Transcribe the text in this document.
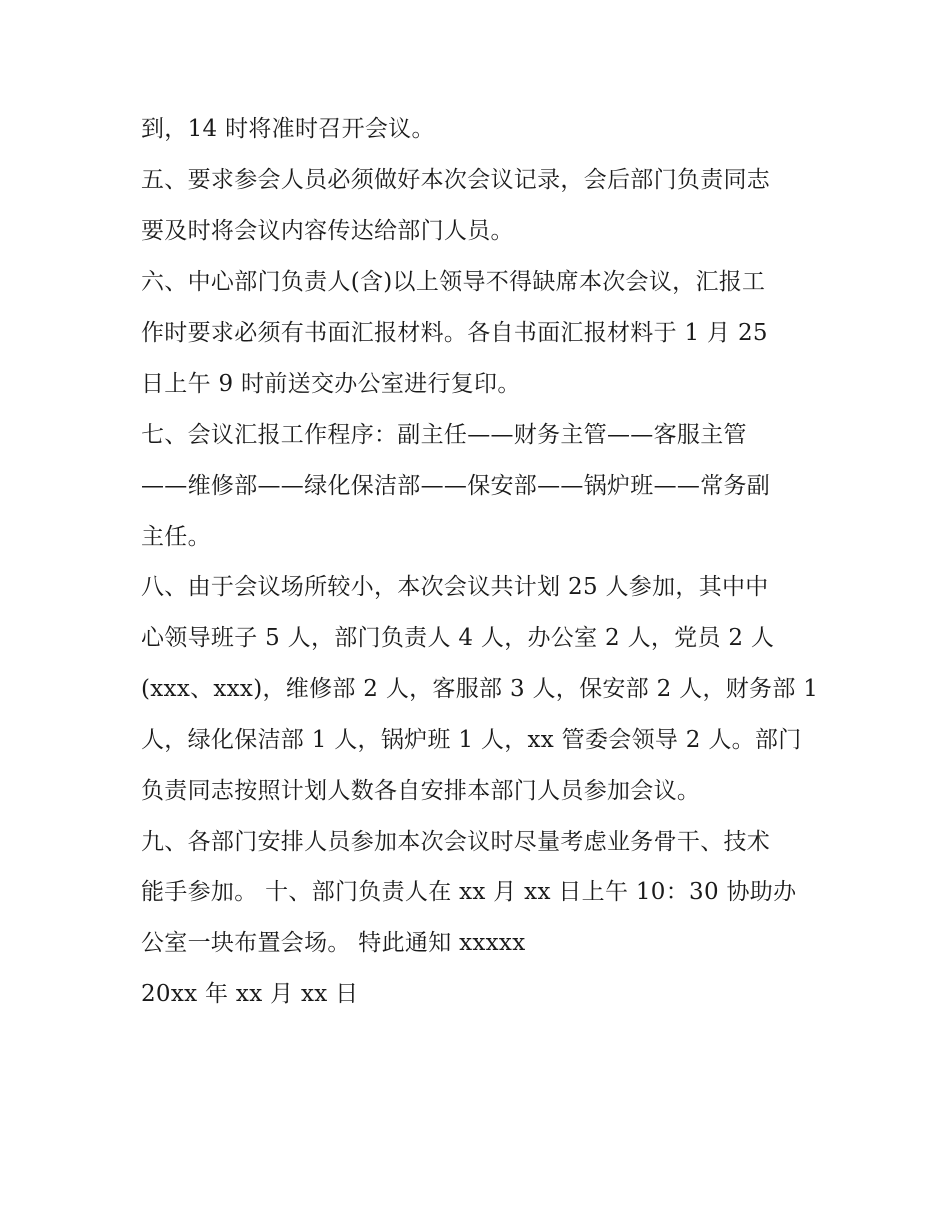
到，14 时将准时召开会议。
五、要求参会人员必须做好本次会议记录，会后部门负责同志
要及时将会议内容传达给部门人员。
六、中心部门负责人(含)以上领导不得缺席本次会议，汇报工
作时要求必须有书面汇报材料。各自书面汇报材料于 1 月 25
日上午 9 时前送交办公室进行复印。
七、会议汇报工作程序：副主任——财务主管——客服主管
——维修部——绿化保洁部——保安部——锅炉班——常务副
主任。
八、由于会议场所较小，本次会议共计划 25 人参加，其中中
心领导班子 5 人，部门负责人 4 人，办公室 2 人，党员 2 人
(xxx、xxx)，维修部 2 人，客服部 3 人，保安部 2 人，财务部 1
人，绿化保洁部 1 人，锅炉班 1 人，xx 管委会领导 2 人。部门
负责同志按照计划人数各自安排本部门人员参加会议。
九、各部门安排人员参加本次会议时尽量考虑业务骨干、技术
能手参加。 十、部门负责人在 xx 月 xx 日上午 10：30 协助办
公室一块布置会场。 特此通知 xxxxx
20xx 年 xx 月 xx 日
